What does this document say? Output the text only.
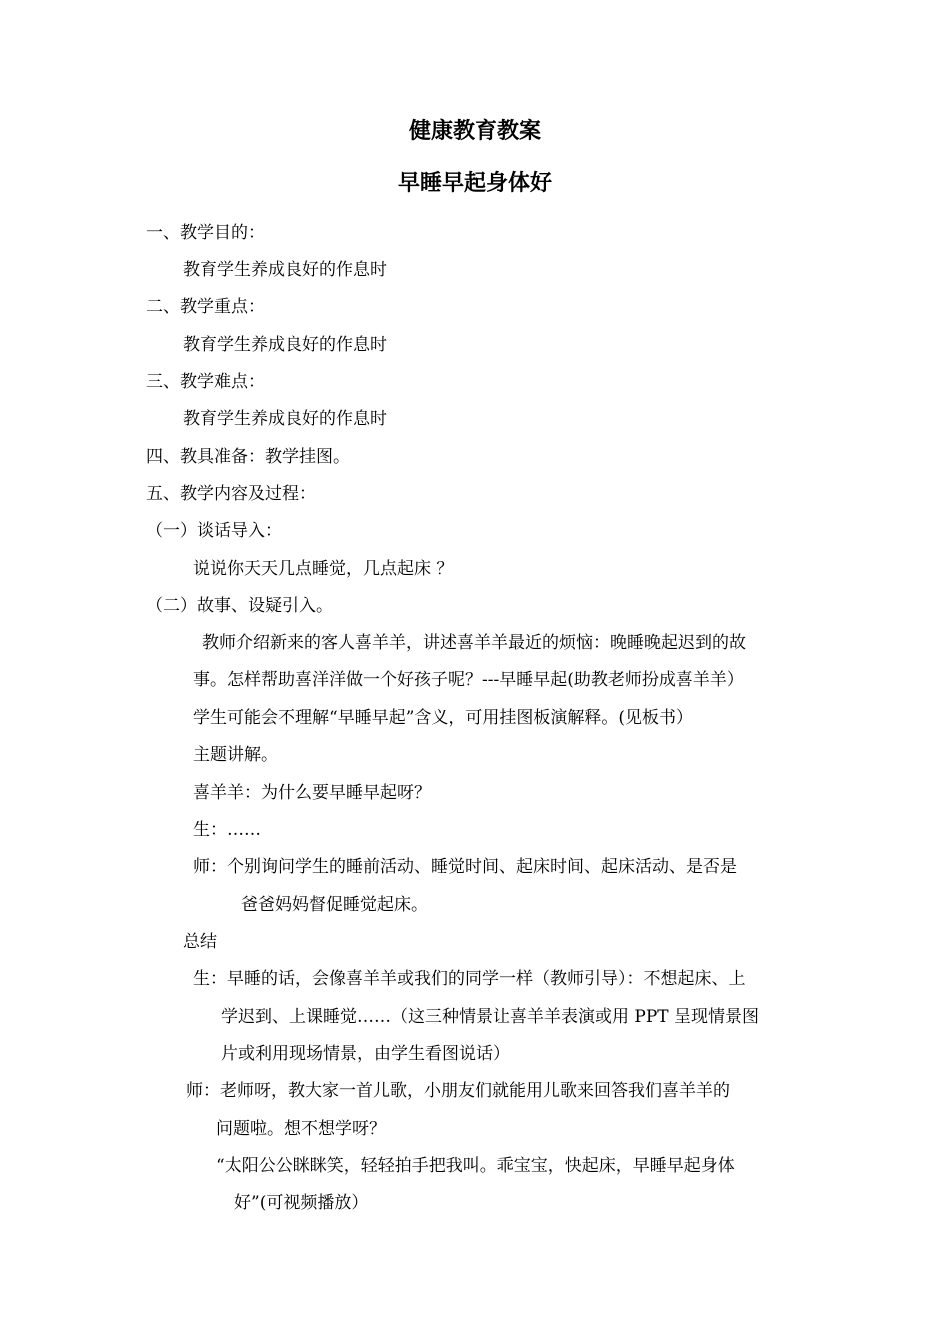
健康教育教案
早睡早起身体好
一、教学目的：
教育学生养成良好的作息时
二、教学重点：
教育学生养成良好的作息时
三、教学难点：
教育学生养成良好的作息时
四、教具准备：教学挂图。
五、教学内容及过程：
（一）谈话导入：
说说你天天几点睡觉，几点起床 ？
（二）故事、设疑引入。
教师介绍新来的客人喜羊羊，讲述喜羊羊最近的烦恼：晚睡晚起迟到的故
事。怎样帮助喜洋洋做一个好孩子呢？---早睡早起(助教老师扮成喜羊羊）
学生可能会不理解“早睡早起”含义，可用挂图板演解释。(见板书）
主题讲解。
喜羊羊：为什么要早睡早起呀？
生：……
师：个别询问学生的睡前活动、睡觉时间、起床时间、起床活动、是否是
爸爸妈妈督促睡觉起床。
总结
生：早睡的话，会像喜羊羊或我们的同学一样（教师引导）：不想起床、上
学迟到、上课睡觉……（这三种情景让喜羊羊表演或用 PPT 呈现情景图
片或利用现场情景，由学生看图说话）
师：老师呀，教大家一首儿歌，小朋友们就能用儿歌来回答我们喜羊羊的
问题啦。想不想学呀？
“太阳公公眯眯笑，轻轻拍手把我叫。乖宝宝，快起床，早睡早起身体
好”(可视频播放）
